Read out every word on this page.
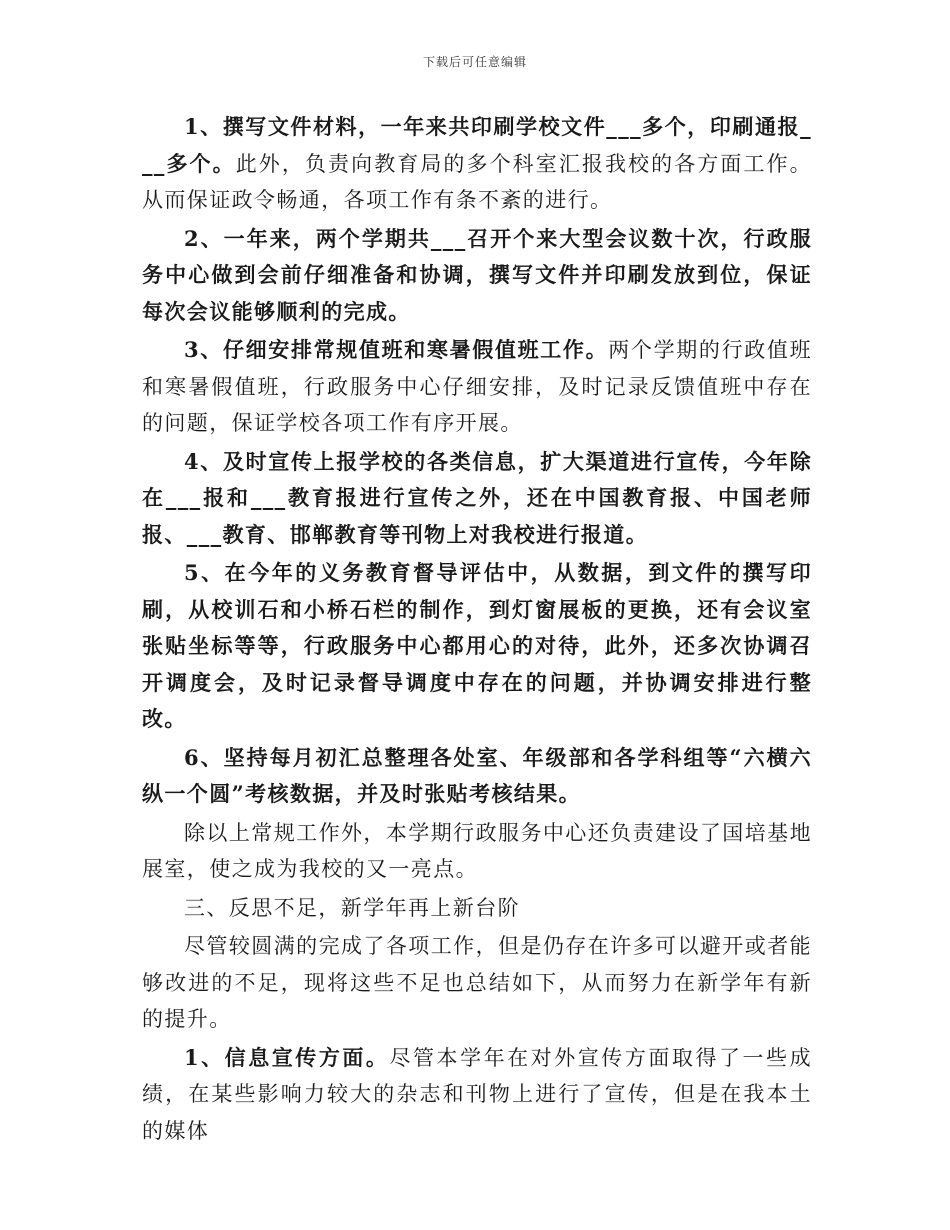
下载后可任意编辑

1、撰写文件材料，一年来共印刷学校文件___多个，印刷通报___多个。此外，负责向教育局的多个科室汇报我校的各方面工作。从而保证政令畅通，各项工作有条不紊的进行。

2、一年来，两个学期共___召开个来大型会议数十次，行政服务中心做到会前仔细准备和协调，撰写文件并印刷发放到位，保证每次会议能够顺利的完成。

3、仔细安排常规值班和寒暑假值班工作。两个学期的行政值班和寒暑假值班，行政服务中心仔细安排，及时记录反馈值班中存在的问题，保证学校各项工作有序开展。

4、及时宣传上报学校的各类信息，扩大渠道进行宣传，今年除在___报和___教育报进行宣传之外，还在中国教育报、中国老师报、___教育、邯郸教育等刊物上对我校进行报道。

5、在今年的义务教育督导评估中，从数据，到文件的撰写印刷，从校训石和小桥石栏的制作，到灯窗展板的更换，还有会议室张贴坐标等等，行政服务中心都用心的对待，此外，还多次协调召开调度会，及时记录督导调度中存在的问题，并协调安排进行整改。

6、坚持每月初汇总整理各处室、年级部和各学科组等“六横六纵一个圆”考核数据，并及时张贴考核结果。

除以上常规工作外，本学期行政服务中心还负责建设了国培基地展室，使之成为我校的又一亮点。

三、反思不足，新学年再上新台阶

尽管较圆满的完成了各项工作，但是仍存在许多可以避开或者能够改进的不足，现将这些不足也总结如下，从而努力在新学年有新的提升。

1、信息宣传方面。尽管本学年在对外宣传方面取得了一些成绩，在某些影响力较大的杂志和刊物上进行了宣传，但是在我本土的媒体
